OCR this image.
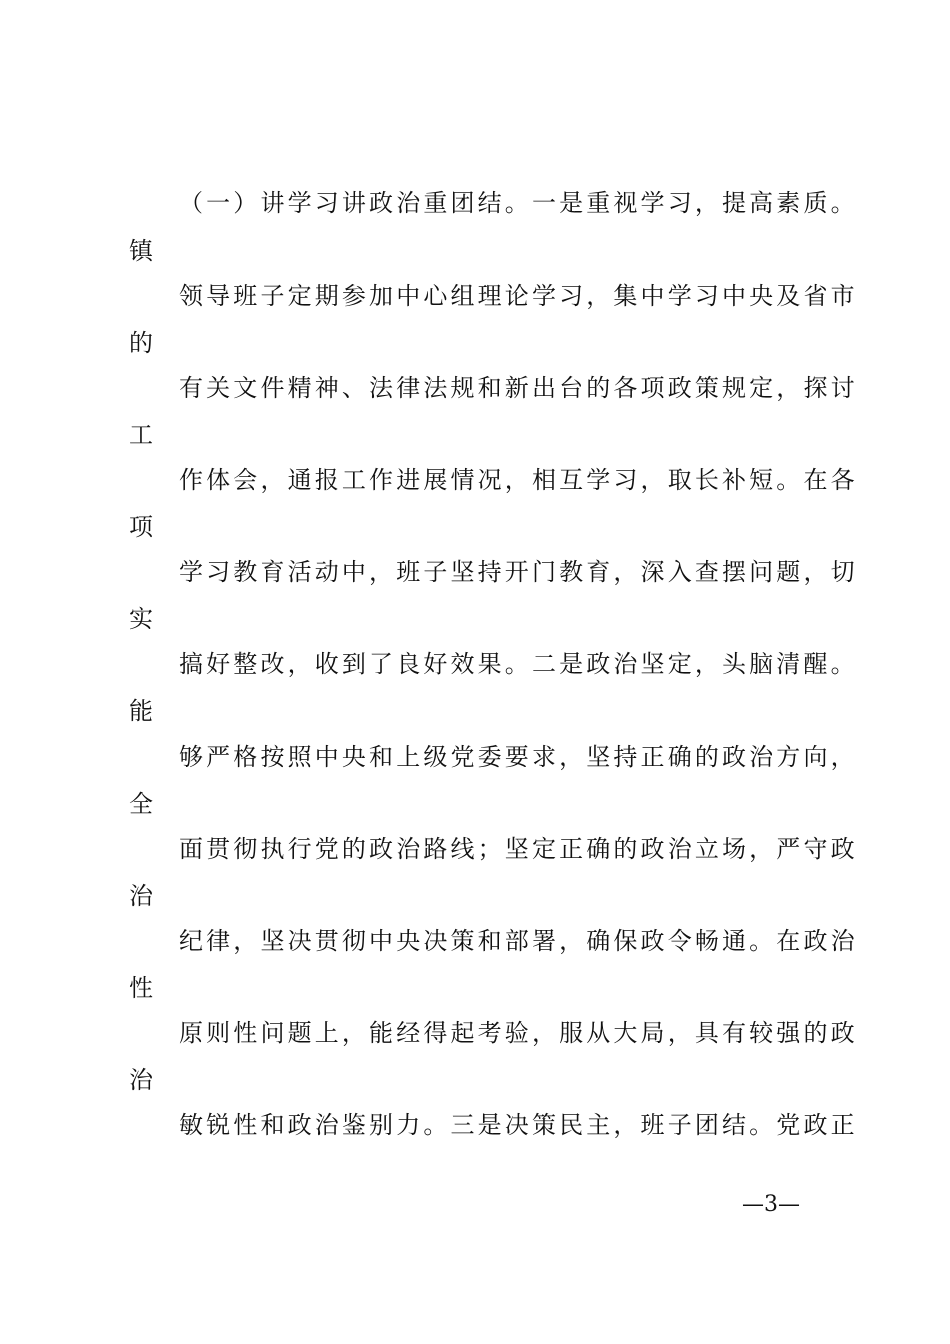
（一）讲学习讲政治重团结。一是重视学习，提高素质。
镇
领导班子定期参加中心组理论学习，集中学习中央及省市
的
有关文件精神、法律法规和新出台的各项政策规定，探讨
工
作体会，通报工作进展情况，相互学习，取长补短。在各
项
学习教育活动中，班子坚持开门教育，深入查摆问题，切
实
搞好整改，收到了良好效果。二是政治坚定，头脑清醒。
能
够严格按照中央和上级党委要求，坚持正确的政治方向，
全
面贯彻执行党的政治路线；坚定正确的政治立场，严守政
治
纪律，坚决贯彻中央决策和部署，确保政令畅通。在政治
性
原则性问题上，能经得起考验，服从大局，具有较强的政
治
敏锐性和政治鉴别力。三是决策民主，班子团结。党政正
—3—
